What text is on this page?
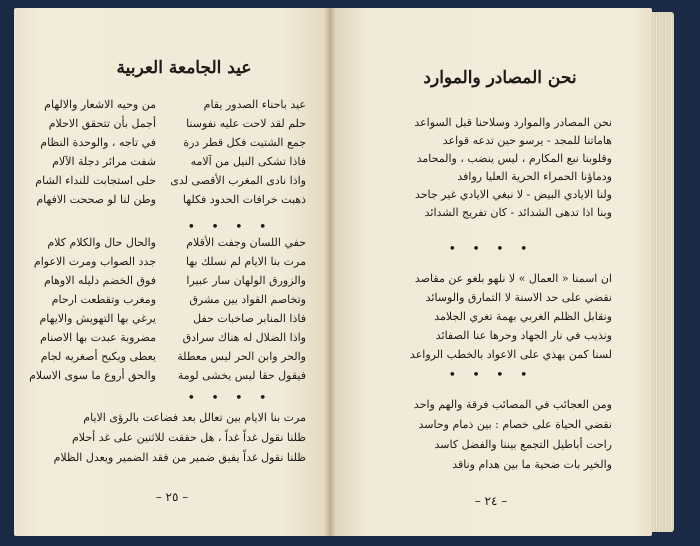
عيد الجامعة العربية
عيد باحناء الصدور يقام
من وحيه الاشعار والالهام
حلم لقد لاحت عليه نفوسنا
أجمل بأن تتحقق الاحلام
جمع الشتيت فكل قطر درة
في تاجه ، والوحدة النظام
فاذا تشكى النيل من آلامه
شفت مرائر دجلة الآلام
واذا نادى المغرب الأقصى لدى
حلى استجابت للنداء الشام
ذهبت خرافات الحدود فكلها
وطن لنا لو صححت الافهام
• • • •
حفي اللسان وجفت الأقلام
والحال حال والكلام كلام
مرت بنا الايام لم نسلك بها
جدد الصواب ومرت الاعوام
والزورق الولهان سار عبيرا
فوق الخضم دليله الاوهام
وتخاصم القواد بين مشرق
ومغرب وتقطعت ارحام
فاذا المنابر صاخبات حفل
يرغي بها التهويش والايهام
واذا الضلال له هناك سرادق
مضروبة عبدت بها الاصنام
والحر وابن الحر ليس معطلة
يعطى ويكبح أصغريه لجام
فيقول حقا ليس يخشى لومة
والحق أروع ما سوى الاسلام
• • • •
مرت بنا الايام بين تعالل بعد فضاعت بالرؤى الايام
ظلنا نقول غداً غداً ، هل حققت للاثنين على غد أحلام
ظلنا نقول غداً يفيق ضمير من فقد الضمير ويعدل الظلام
– ٢٥ –
نحن المصادر والموارد
نحن المصادر والموارد وسلاحنا قبل السواعد
هاماتنا للمجد - يرسو حين تدعه قواعد
وقلوبنا نبع المكارم ، ليس ينضب ، والمحامد
ودماؤنا الحمراء الحرية العليا روافد
ولنا الايادي البيض - لا نبغي الايادي غير جاحد
وبنا اذا تدهى الشدائد - كان تفريج الشدائد
• • • •
ان اسمنا « العمال » لا نلهو بلغو عن مقاصد
نقضي على حد الاسنة لا التمارق والوسائد
ونقابل الظلم الغربي بهمة تغري الجلامد
ونذيب في نار الجهاد وحرها عنا الصفائد
لسنا كمن يهذي على الاعواد بالخطب الرواعد
• • • •
ومن العجائب في المصائب فرقة والهم واحد
نقضي الحياة على خصام : بين ذمام وحاسد
راحت أباطيل التجمع بيننا والفضل كاسد
والخير بات ضحية ما بين هدام وناقد
– ٢٤ –
